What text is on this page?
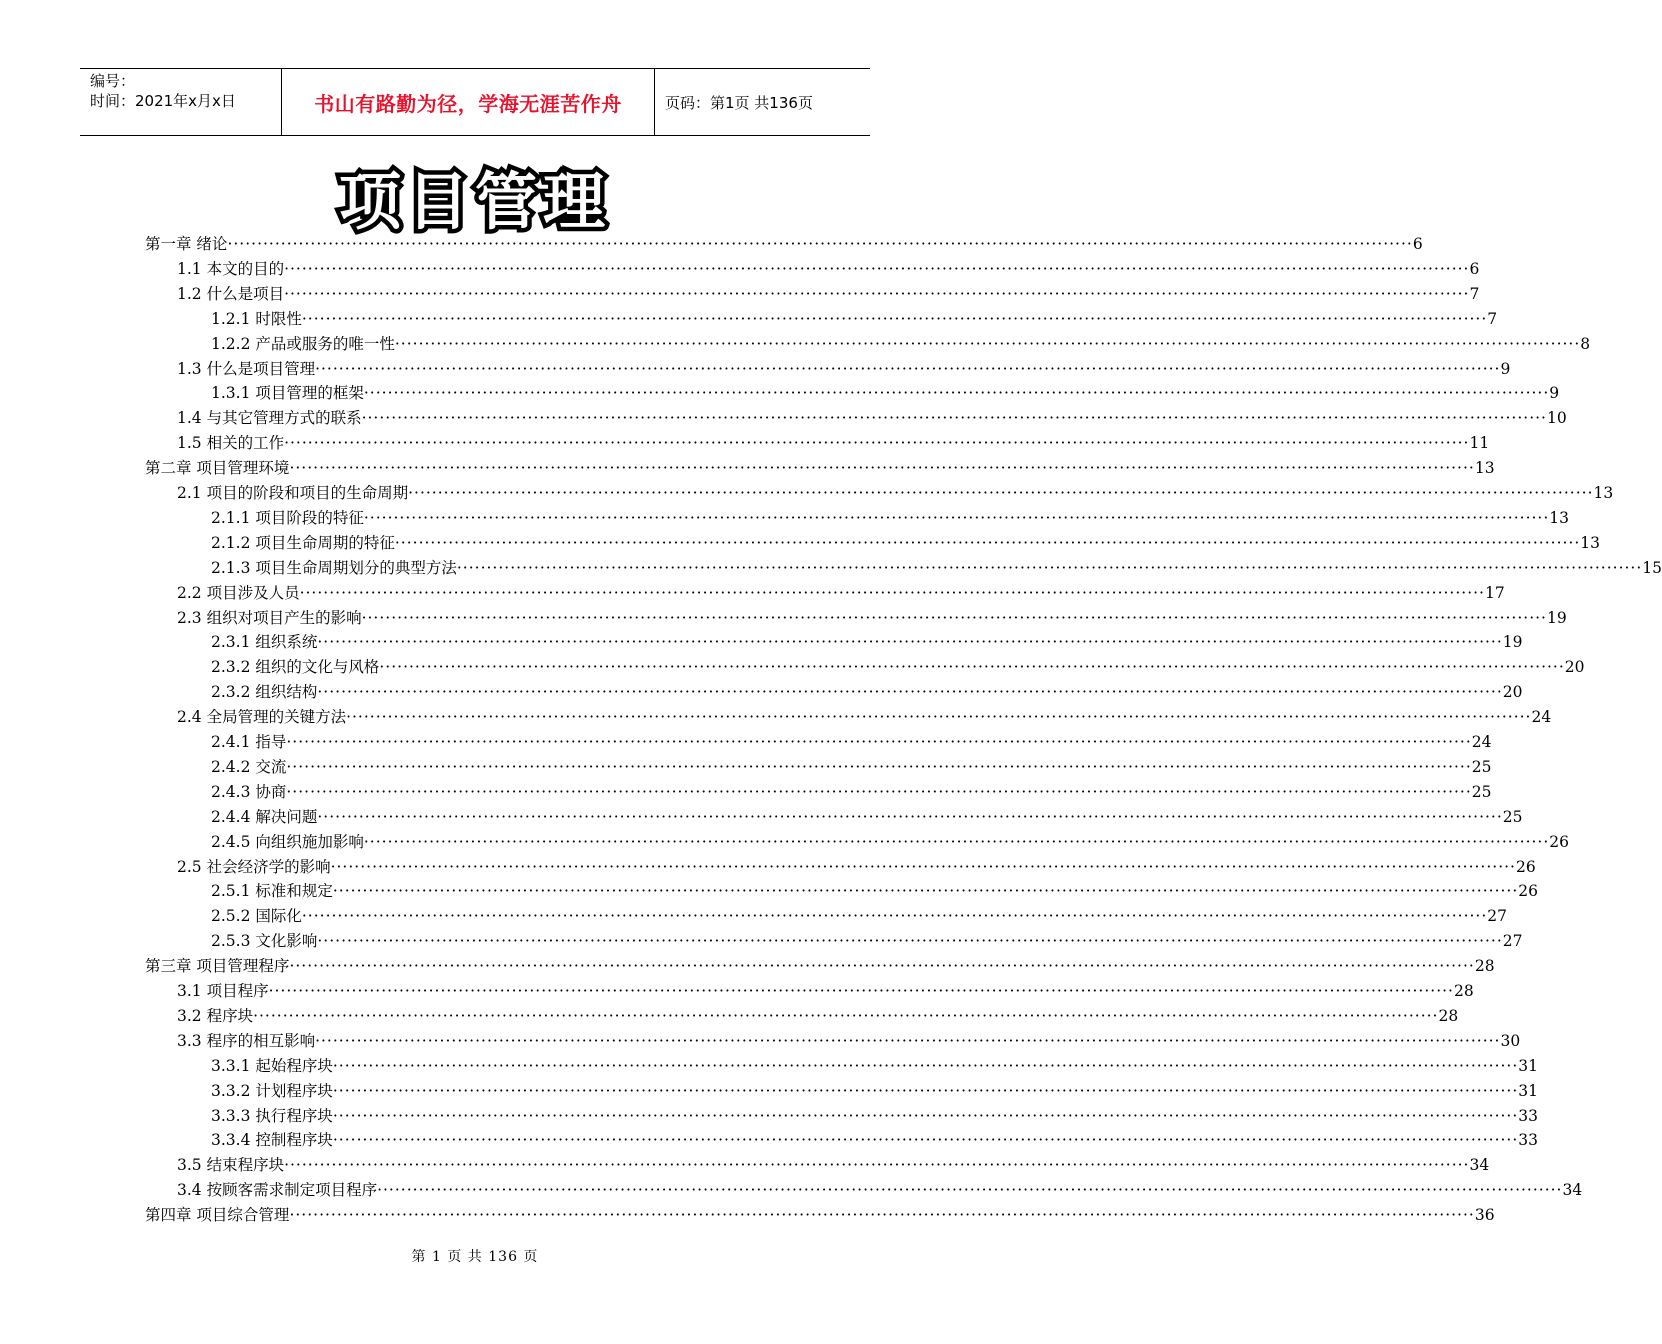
编号：
时间：2021年x月x日	书山有路勤为径，学海无涯苦作舟	页码：第1页 共136页
项目管理
第一章 绪论 ········································································································································································································ 6
1.1 本文的目的 ········································································································································································································ 6
1.2 什么是项目 ········································································································································································································ 7
1.2.1 时限性 ········································································································································································································ 7
1.2.2 产品或服务的唯一性 ········································································································································································································ 8
1.3 什么是项目管理 ········································································································································································································ 9
1.3.1 项目管理的框架 ········································································································································································································ 9
1.4 与其它管理方式的联系 ········································································································································································································ 10
1.5 相关的工作 ········································································································································································································ 11
第二章 项目管理环境 ········································································································································································································ 13
2.1 项目的阶段和项目的生命周期 ········································································································································································································ 13
2.1.1 项目阶段的特征 ········································································································································································································ 13
2.1.2 项目生命周期的特征 ········································································································································································································ 13
2.1.3 项目生命周期划分的典型方法 ········································································································································································································ 15
2.2 项目涉及人员 ········································································································································································································ 17
2.3 组织对项目产生的影响 ········································································································································································································ 19
2.3.1 组织系统 ········································································································································································································ 19
2.3.2 组织的文化与风格 ········································································································································································································ 20
2.3.2 组织结构 ········································································································································································································ 20
2.4 全局管理的关键方法 ········································································································································································································ 24
2.4.1 指导 ········································································································································································································ 24
2.4.2 交流 ········································································································································································································ 25
2.4.3 协商 ········································································································································································································ 25
2.4.4 解决问题 ········································································································································································································ 25
2.4.5 向组织施加影响 ········································································································································································································ 26
2.5 社会经济学的影响 ········································································································································································································ 26
2.5.1 标准和规定 ········································································································································································································ 26
2.5.2 国际化 ········································································································································································································ 27
2.5.3 文化影响 ········································································································································································································ 27
第三章 项目管理程序 ········································································································································································································ 28
3.1 项目程序 ········································································································································································································ 28
3.2 程序块 ········································································································································································································ 28
3.3 程序的相互影响 ········································································································································································································ 30
3.3.1 起始程序块 ········································································································································································································ 31
3.3.2 计划程序块 ········································································································································································································ 31
3.3.3 执行程序块 ········································································································································································································ 33
3.3.4 控制程序块 ········································································································································································································ 33
3.5 结束程序块 ········································································································································································································ 34
3.4 按顾客需求制定项目程序 ········································································································································································································ 34
第四章 项目综合管理 ········································································································································································································ 36
第 1 页 共 136 页
